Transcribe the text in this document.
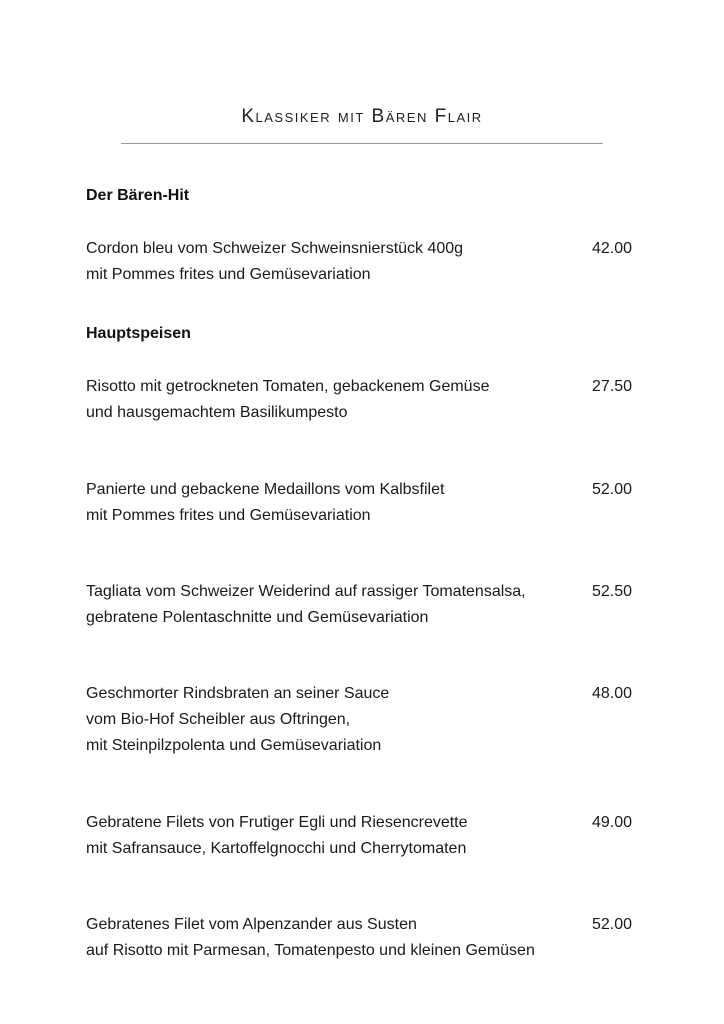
Klassiker mit Bären Flair
Der Bären-Hit
Cordon bleu vom Schweizer Schweinsnierstück 400g
mit Pommes frites und Gemüsevariation
42.00
Hauptspeisen
Risotto mit getrockneten Tomaten, gebackenem Gemüse
und hausgemachtem Basilikumpesto
27.50
Panierte und gebackene Medaillons vom Kalbsfilet
mit Pommes frites und Gemüsevariation
52.00
Tagliata vom Schweizer Weiderind auf rassiger Tomatensalsa,
gebratene Polentaschnitte und Gemüsevariation
52.50
Geschmorter Rindsbraten an seiner Sauce
vom Bio-Hof Scheibler aus Oftringen,
mit Steinpilzpolenta und Gemüsevariation
48.00
Gebratene Filets von Frutiger Egli und Riesencrevette
mit Safransauce, Kartoffelgnocchi und Cherrytomaten
49.00
Gebratenes Filet vom Alpenzander aus Susten
auf Risotto mit Parmesan, Tomatenpesto und kleinen Gemüsen
52.00
